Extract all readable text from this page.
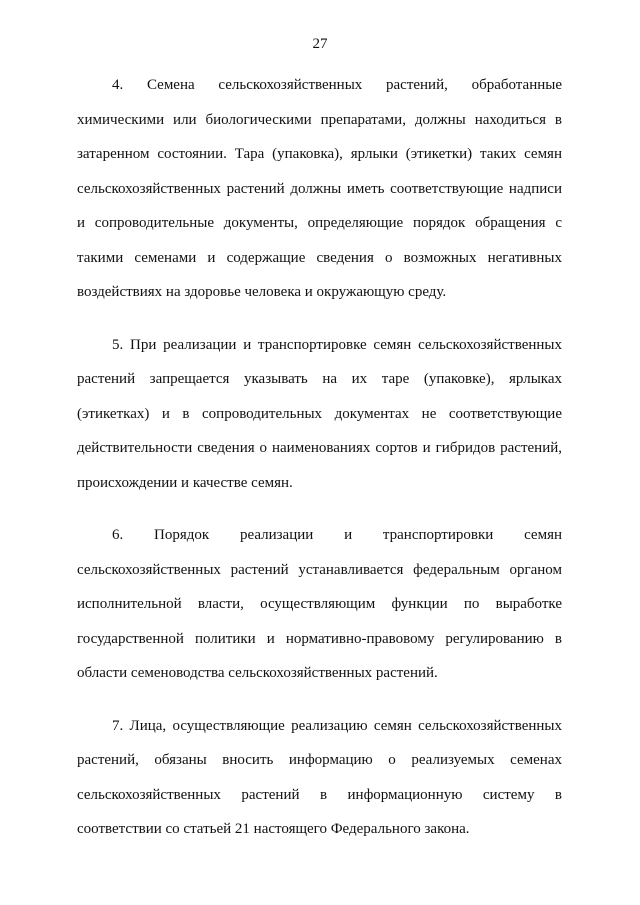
27

4. Семена сельскохозяйственных растений, обработанные химическими или биологическими препаратами, должны находиться в затаренном состоянии. Тара (упаковка), ярлыки (этикетки) таких семян сельскохозяйственных растений должны иметь соответствующие надписи и сопроводительные документы, определяющие порядок обращения с такими семенами и содержащие сведения о возможных негативных воздействиях на здоровье человека и окружающую среду.

5. При реализации и транспортировке семян сельскохозяйственных растений запрещается указывать на их таре (упаковке), ярлыках (этикетках) и в сопроводительных документах не соответствующие действительности сведения о наименованиях сортов и гибридов растений, происхождении и качестве семян.

6. Порядок реализации и транспортировки семян сельскохозяйственных растений устанавливается федеральным органом исполнительной власти, осуществляющим функции по выработке государственной политики и нормативно-правовому регулированию в области семеноводства сельскохозяйственных растений.

7. Лица, осуществляющие реализацию семян сельскохозяйственных растений, обязаны вносить информацию о реализуемых семенах сельскохозяйственных растений в информационную систему в соответствии со статьей 21 настоящего Федерального закона.
